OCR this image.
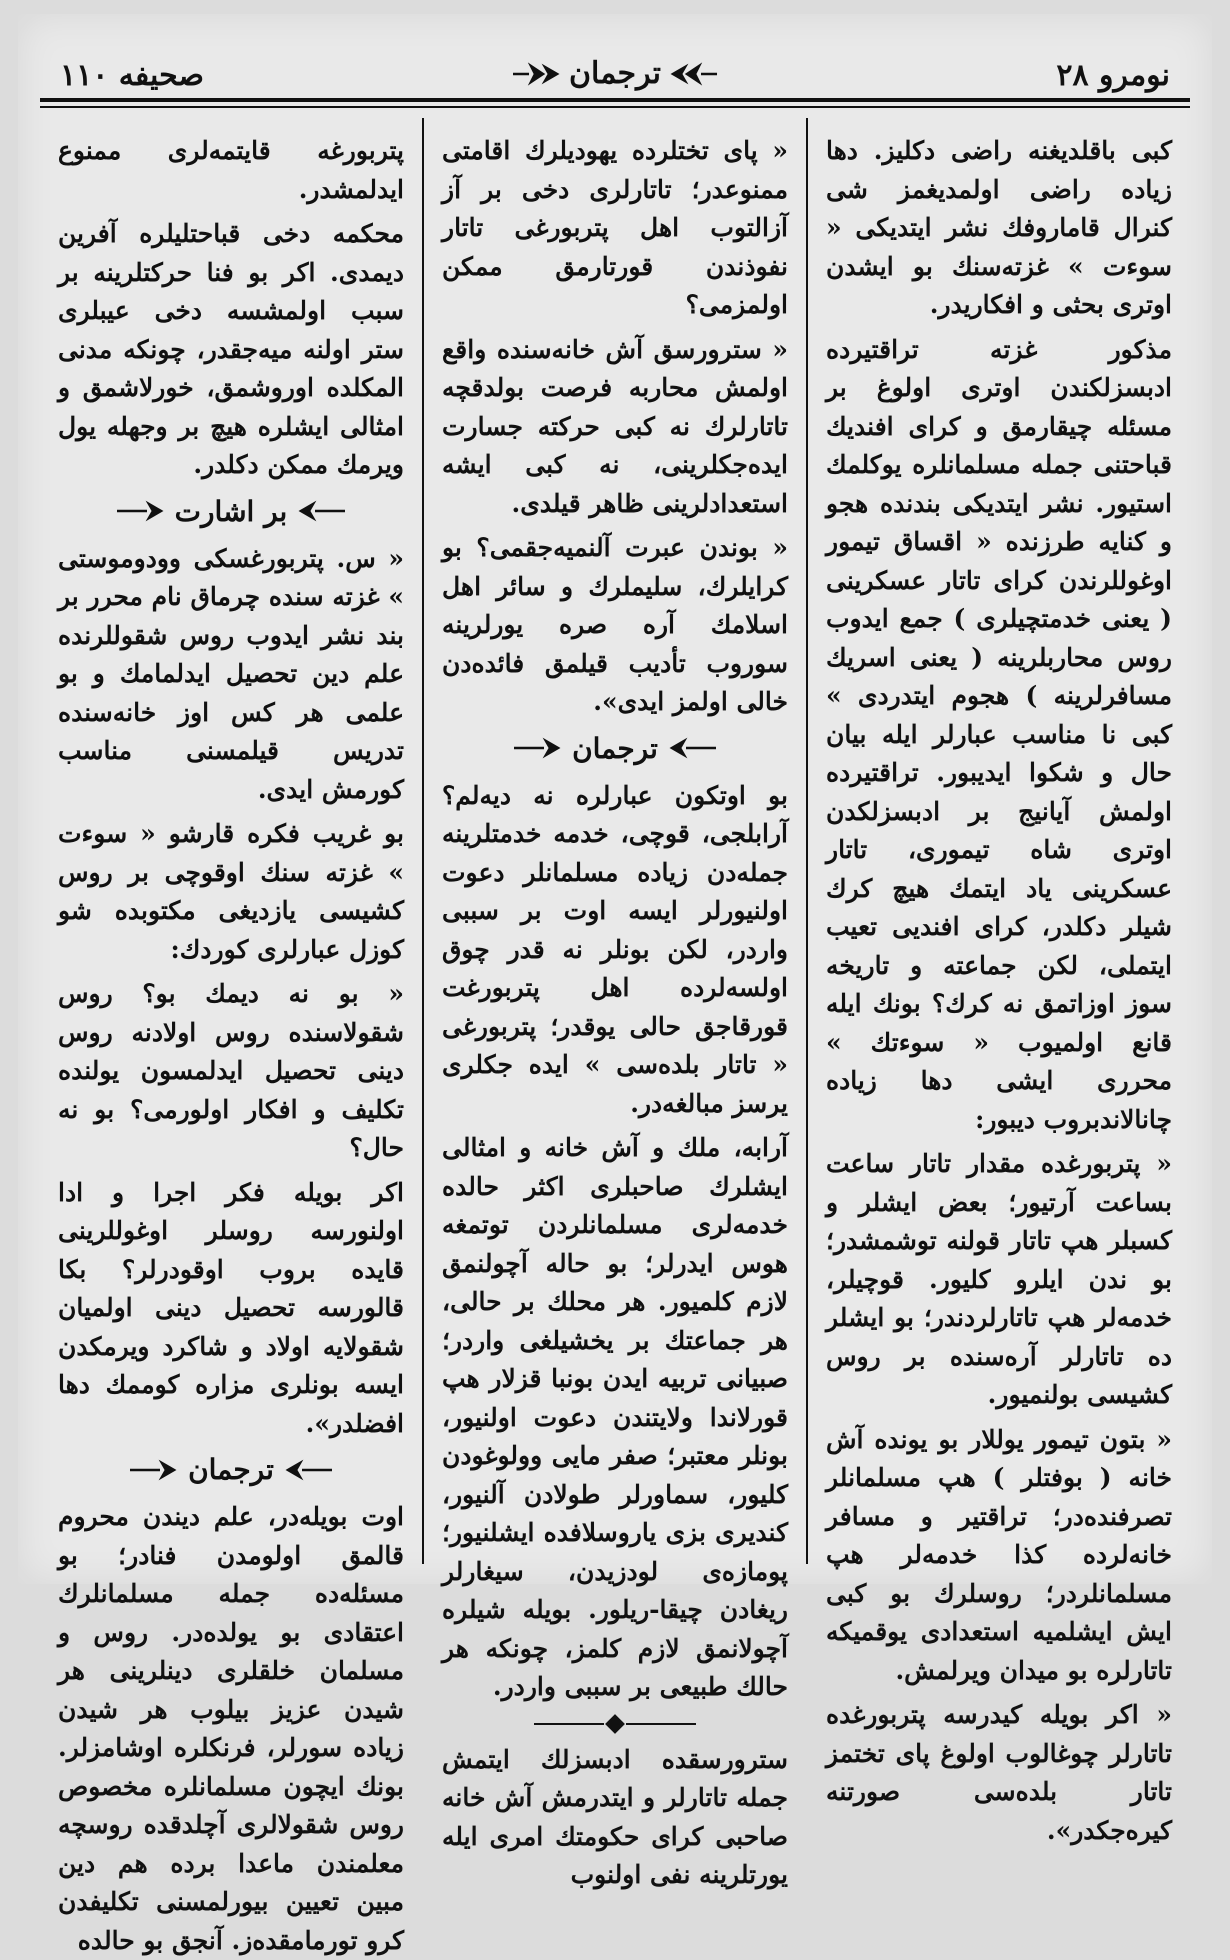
نومرو ۲۸
ترجمان
صحیفه ۱۱۰

كبى باقلديغنه راضى دكليز. دها زياده راضى اولمديغمز شى كنرال قاماروفك نشر ايتديكى « سوءت » غزته‌سنك بو ايشدن اوترى بحثى و افكاريدر.

مذكور غزته تراقتيرده ادبسزلكندن اوترى اولوغ بر مسئله چيقارمق و كراى افنديك قباحتنى جمله مسلمانلره يوكلمك استيور. نشر ايتديكى بندنده هجو و كنايه طرزنده « اقساق تيمور اوغوللرندن كراى تاتار عسكرينى ( يعنى خدمتچيلرى ) جمع ايدوب روس محاربلرينه ( يعنى اسريك مسافرلرينه ) هجوم ايتدردى » كبى نا مناسب عبارلر ايله بيان حال و شكوا ايديبور. تراقتيرده اولمش آيانيج بر ادبسزلكدن اوترى شاه تيمورى، تاتار عسكرينى ياد ايتمك هيچ كرك شيلر دكلدر، كراى افنديى تعيب ايتملى، لكن جماعته و تاريخه سوز اوزاتمق نه كرك؟ بونك ايله قانع اولميوب « سوءتك » محررى ايشى دها زياده چانالاندبروب ديبور:

« پتربورغده مقدار تاتار ساعت بساعت آرتيور؛ بعض ايشلر و كسبلر هپ تاتار قولنه توشمشدر؛ بو ندن ايلرو كليور. قوچيلر، خدمه‌لر هپ تاتارلردندر؛ بو ايشلر ده تاتارلر آره‌سنده بر روس كشيسى بولنميور.

« بتون تيمور يوللار بو يونده آش خانه ( بوفتلر ) هپ مسلمانلر تصرفنده‌در؛ تراقتير و مسافر خانه‌لرده كذا خدمه‌لر هپ مسلمانلردر؛ روسلرك بو كبى ايش ايشلميه استعدادى يوقميكه تاتارلره بو ميدان ويرلمش.

« اكر بويله كيدرسه پتربورغده تاتارلر چوغالوب اولوغ پاى تختمز تاتار بلده‌سى صورتنه كيره‌جكدر».

« پاى تختلرده يهوديلرك اقامتى ممنوعدر؛ تاتارلرى دخى بر آز آزالتوب اهل پتربورغى تاتار نفوذندن قورتارمق ممكن اولمزمى؟

« سترورسق آش خانه‌سنده واقع اولمش محاربه فرصت بولدقچه تاتارلرك نه كبى حركته جسارت ايده‌جكلرينى، نه كبى ايشه استعدادلرينى ظاهر قيلدى.

« بوندن عبرت آلنميه‌جقمى؟ بو كرايلرك، سليملرك و سائر اهل اسلامك آره صره يورلرينه سوروب تأديب قيلمق فائده‌دن خالى اولمز ايدى».

ترجمان

بو اوتكون عبارلره نه ديه‌لم؟ آرابلجى، قوچى، خدمه خدمتلرينه جمله‌دن زياده مسلمانلر دعوت اولنيورلر ايسه اوت بر سببى واردر، لكن بونلر نه قدر چوق اولسه‌لرده اهل پتربورغت قورقاجق حالى يوقدر؛ پتربورغى « تاتار بلده‌سى » ايده جكلرى يرسز مبالغه‌در.

آرابه، ملك و آش خانه و امثالى ايشلرك صاحبلرى اكثر حالده خدمه‌لرى مسلمانلردن توتمغه هوس ايدرلر؛ بو حاله آچولنمق لازم كلميور. هر محلك بر حالى، هر جماعتك بر يخشيلغى واردر؛ صبيانى تربيه ايدن بونبا قزلار هپ قورلاندا ولايتندن دعوت اولنيور، بونلر معتبر؛ صفر مايى وولوغودن كليور، سماورلر طولادن آلنيور، كنديرى بزى ياروسلافده ايشلنيور؛ پومازه‌ى لودزيدن، سيغارلر ريغادن چيقا-ريلور. بويله شيلره آچولانمق لازم كلمز، چونكه هر حالك طبيعى بر سببى واردر.

سترورسقده ادبسزلك ايتمش جمله تاتارلر و ايتدرمش آش خانه صاحبى كراى حكومتك امرى ايله يورتلرينه نفى اولنوب

پتربورغه قايتمه‌لرى ممنوع ايدلمشدر.

محكمه دخى قباحتليلره آفرين ديمدى. اكر بو فنا حركتلرينه بر سبب اولمشسه دخى عيبلرى ستر اولنه ميه‌جقدر، چونكه مدنى المكلده اوروشمق، خورلاشمق و امثالى ايشلره هيچ بر وجهله يول ويرمك ممكن دكلدر.

بر اشارت

« س. پتربورغسكى وودوموستى » غزته سنده چرماق نام محرر بر بند نشر ايدوب روس شقوللرنده علم دين تحصيل ايدلمامك و بو علمى هر كس اوز خانه‌سنده تدريس قيلمسنى مناسب كورمش ايدى.

بو غريب فكره قارشو « سوءت » غزته سنك اوقوچى بر روس كشيسى يازديغى مكتوبده شو كوزل عبارلرى كوردك:

« بو نه ديمك بو؟ روس شقولاسنده روس اولادنه روس دينى تحصيل ايدلمسون يولنده تكليف و افكار اولورمى؟ بو نه حال؟

اكر بويله فكر اجرا و ادا اولنورسه روسلر اوغوللرينى قايده بروب اوقودرلر؟ بكا قالورسه تحصيل دينى اولميان شقولايه اولاد و شاكرد ويرمكدن ايسه بونلرى مزاره كوممك دها افضلدر».

ترجمان

اوت بويله‌در، علم ديندن محروم قالمق اولومدن فنادر؛ بو مسئله‌ده جمله مسلمانلرك اعتقادى بو يولده‌در. روس و مسلمان خلقلرى دينلرينى هر شيدن عزيز بيلوب هر شيدن زياده سورلر، فرنكلره اوشامزلر. بونك ايچون مسلمانلره مخصوص روس شقولالرى آچلدقده روسچه معلمندن ماعدا برده هم دين مبين تعيين بيورلمسنى تكليفدن كرو تورمامقده‌ز. آنجق بو حالده
